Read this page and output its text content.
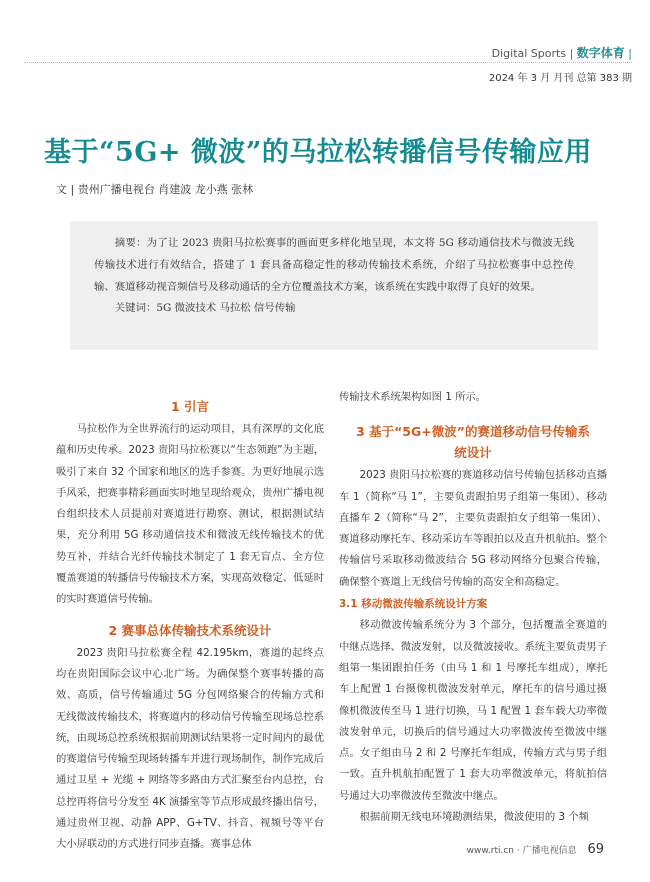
Digital Sports | 数字体育 |
2024 年 3 月 月刊 总第 383 期
基于“5G+ 微波”的马拉松转播信号传输应用
文 | 贵州广播电视台 肖建波 龙小燕 张林

摘要：为了让 2023 贵阳马拉松赛事的画面更多样化地呈现，本文将 5G 移动通信技术与微波无线传输技术进行有效结合，搭建了 1 套具备高稳定性的移动传输技术系统，介绍了马拉松赛事中总控传输、赛道移动视音频信号及移动通话的全方位覆盖技术方案，该系统在实践中取得了良好的效果。

关键词：5G 微波技术 马拉松 信号传输

1 引言

马拉松作为全世界流行的运动项目，具有深厚的文化底蕴和历史传承。2023 贵阳马拉松赛以“生态领跑”为主题，吸引了来自 32 个国家和地区的选手参赛。为更好地展示选手风采，把赛事精彩画面实时地呈现给观众，贵州广播电视台组织技术人员提前对赛道进行勘察、测试，根据测试结果，充分利用 5G 移动通信技术和微波无线传输技术的优势互补，并结合光纤传输技术制定了 1 套无盲点、全方位覆盖赛道的转播信号传输技术方案，实现高效稳定、低延时的实时赛道信号传输。

2 赛事总体传输技术系统设计

2023 贵阳马拉松赛全程 42.195km，赛道的起终点均在贵阳国际会议中心北广场。为确保整个赛事转播的高效、高质，信号传输通过 5G 分包网络聚合的传输方式和无线微波传输技术，将赛道内的移动信号传输至现场总控系统，由现场总控系统根据前期测试结果将一定时间内的最优的赛道信号传输至现场转播车并进行现场制作，制作完成后通过卫星 + 光缆 + 网络等多路由方式汇聚至台内总控，台总控再将信号分发至 4K 演播室等节点形成最终播出信号，通过贵州卫视、动静 APP、G+TV、抖音、视频号等平台大小屏联动的方式进行同步直播。赛事总体

传输技术系统架构如图 1 所示。

3 基于“5G+微波”的赛道移动信号传输系统设计

2023 贵阳马拉松赛的赛道移动信号传输包括移动直播车 1（简称“马 1”，主要负责跟拍男子组第一集团）、移动直播车 2（简称“马 2”，主要负责跟拍女子组第一集团）、赛道移动摩托车、移动采访车等跟拍以及直升机航拍。整个传输信号采取移动微波结合 5G 移动网络分包聚合传输，确保整个赛道上无线信号传输的高安全和高稳定。

3.1 移动微波传输系统设计方案

移动微波传输系统分为 3 个部分，包括覆盖全赛道的中继点选择、微波发射，以及微波接收。系统主要负责男子组第一集团跟拍任务（由马 1 和 1 号摩托车组成），摩托车上配置 1 台摄像机微波发射单元，摩托车的信号通过摄像机微波传至马 1 进行切换，马 1 配置 1 套车载大功率微波发射单元，切换后的信号通过大功率微波传至微波中继点。女子组由马 2 和 2 号摩托车组成，传输方式与男子组一致。直升机航拍配置了 1 套大功率微波单元，将航拍信号通过大功率微波传至微波中继点。

根据前期无线电环境勘测结果，微波使用的 3 个频

www.rti.cn · 广播电视信息 69
